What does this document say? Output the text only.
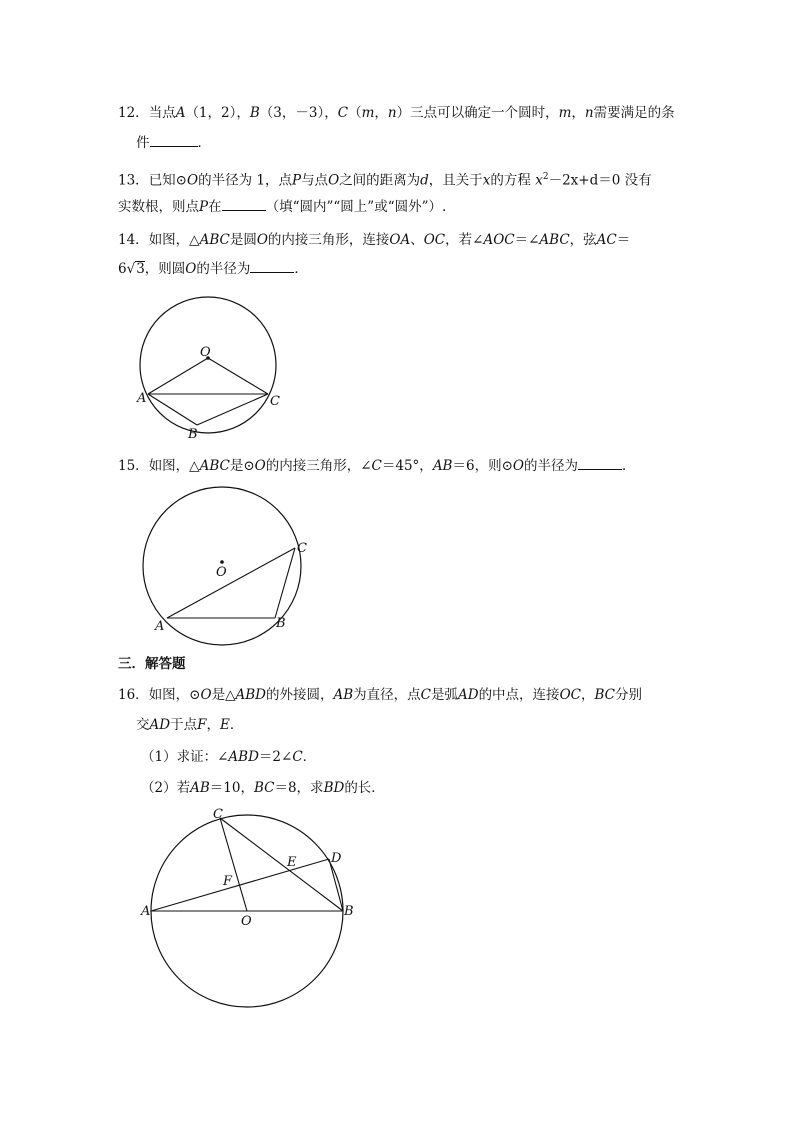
12．当点A（1，2），B（3，－3），C（m，n）三点可以确定一个圆时，m，n需要满足的条
件	．
13．已知⊙O的半径为 1，点P与点O之间的距离为d，且关于x的方程 $x^2-2x+d=0$ 没有
实数根，则点P在	（填“圆内”“圆上”或“圆外”）.
14．如图，△ABC是圆O的内接三角形，连接OA、OC，若∠AOC＝∠ABC，弦AC＝
6√3，则圆O的半径为	．
O
A
B
C
15．如图，△ABC是⊙O的内接三角形，∠C＝45°，AB＝6，则⊙O的半径为	．
O
A	B
C
三．解答题
16．如图，⊙O是△ABD的外接圆，AB为直径，点C是弧AD的中点，连接OC，BC分别
交AD于点F，E．
（1）求证：∠ABD＝2∠C．
（2）若AB＝10，BC＝8，求BD的长．
C
D
E
F
A	B
O
